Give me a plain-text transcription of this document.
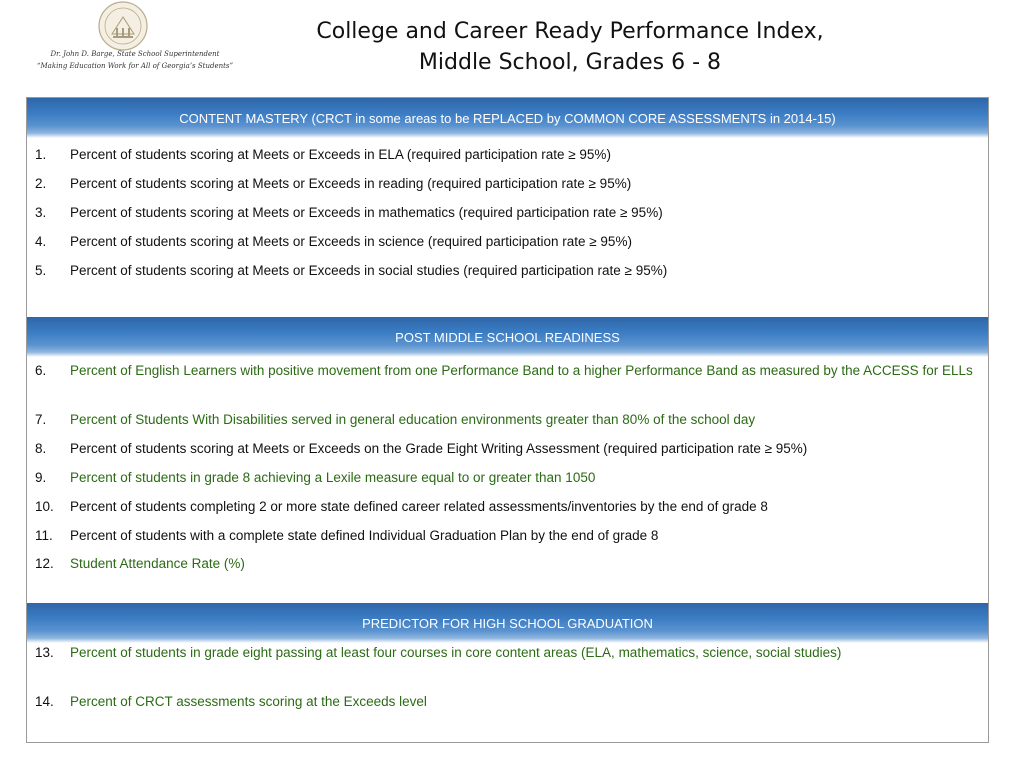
Dr. John D. Barge, State School Superintendent
“Making Education Work for All of Georgia’s Students”
College and Career Ready Performance Index,
Middle School, Grades 6 - 8
CONTENT MASTERY (CRCT in some areas to be REPLACED by COMMON CORE ASSESSMENTS in 2014-15)
1.	Percent of students scoring at Meets or Exceeds in ELA (required participation rate ≥ 95%)
2.	Percent of students scoring at Meets or Exceeds in reading (required participation rate ≥ 95%)
3.	Percent of students scoring at Meets or Exceeds in mathematics (required participation rate ≥ 95%)
4.	Percent of students scoring at Meets or Exceeds in science (required participation rate ≥ 95%)
5.	Percent of students scoring at Meets or Exceeds in social studies (required participation rate ≥ 95%)
POST MIDDLE SCHOOL READINESS
6.	Percent of English Learners with positive movement from one Performance Band to a higher Performance Band as measured by the ACCESS for ELLs
7.	Percent of Students With Disabilities served in general education environments greater than 80% of the school day
8.	Percent of students scoring at Meets or Exceeds on the Grade Eight Writing Assessment (required participation rate ≥ 95%)
9.	Percent of students in grade 8 achieving a Lexile measure equal to or greater than 1050
10.	Percent of students completing 2 or more state defined career related assessments/inventories by the end of grade 8
11.	Percent of students with a complete state defined Individual Graduation Plan by the end of grade 8
12.	Student Attendance Rate (%)
PREDICTOR FOR HIGH SCHOOL GRADUATION
13.	Percent of students in grade eight passing at least four courses in core content areas (ELA, mathematics, science, social studies)
14.	Percent of CRCT assessments scoring at the Exceeds level
